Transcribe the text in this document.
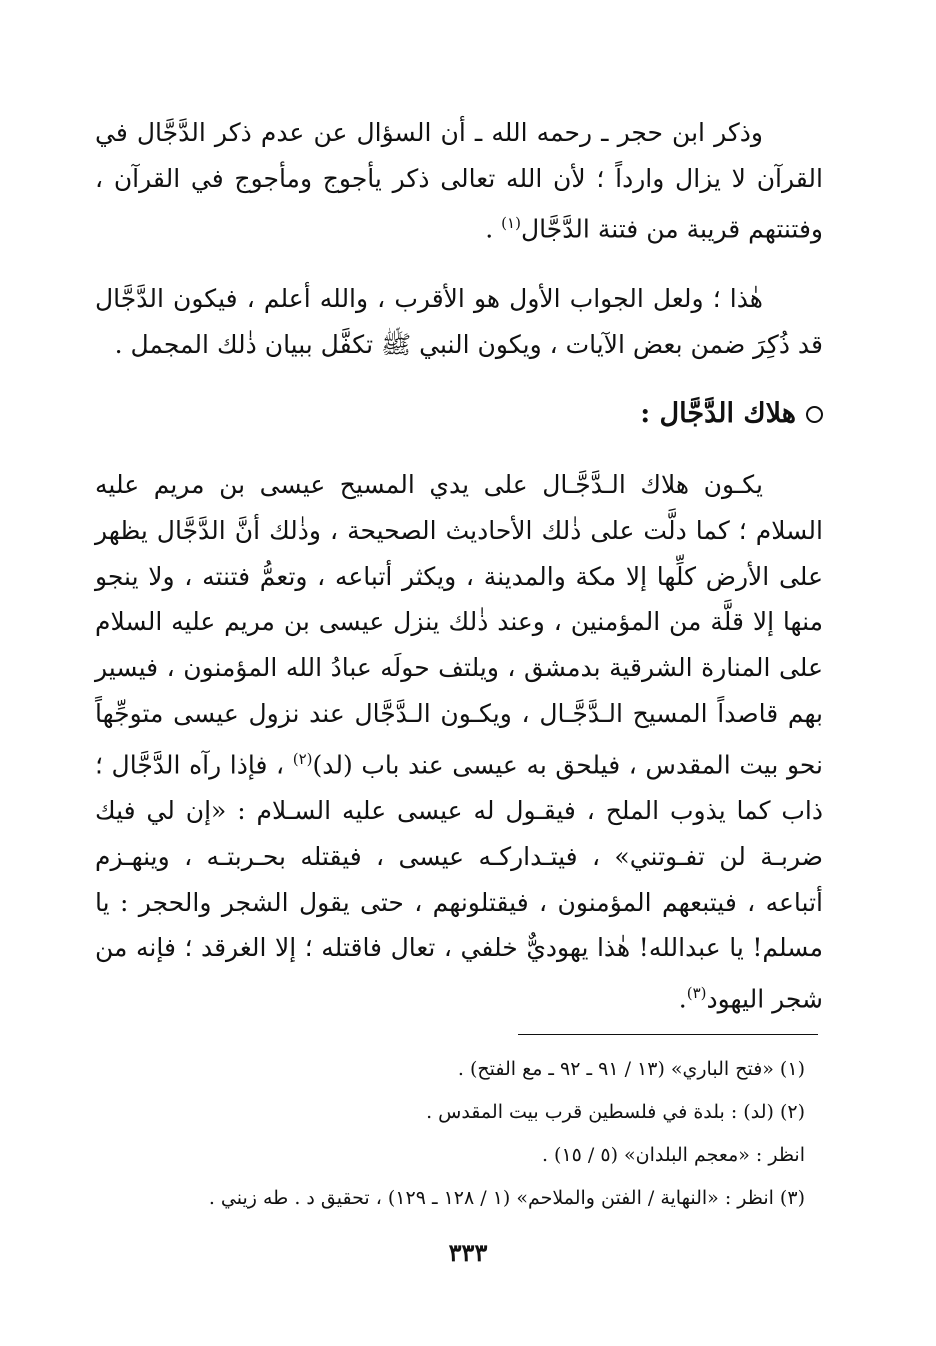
وذكر ابن حجر ـ رحمه الله ـ أن السؤال عن عدم ذكر الدَّجَّال في القرآن لا يزال وارداً ؛ لأن الله تعالى ذكر يأجوج ومأجوج في القرآن ، وفتنتهم قريبة من فتنة الدَّجَّال$^{(١)}$ .
هٰذا ؛ ولعل الجواب الأول هو الأقرب ، والله أعلم ، فيكون الدَّجَّال قد ذُكِرَ ضمن بعض الآيات ، ويكون النبي ﷺ تكفَّل ببيان ذٰلك المجمل .
هلاك الدَّجَّال :
يكـون هلاك الـدَّجَّـال على يدي المسيح عيسى بن مريم عليه السلام ؛ كما دلَّت على ذٰلك الأحاديث الصحيحة ، وذٰلك أنَّ الدَّجَّال يظهر على الأرض كلِّها إلا مكة والمدينة ، ويكثر أتباعه ، وتعمُّ فتنته ، ولا ينجو منها إلا قلَّة من المؤمنين ، وعند ذٰلك ينزل عيسى بن مريم عليه السلام على المنارة الشرقية بدمشق ، ويلتف حولَه عبادُ الله المؤمنون ، فيسير بهم قاصداً المسيح الـدَّجَّـال ، ويكـون الـدَّجَّال عند نزول عيسى متوجِّهاً نحو بيت المقدس ، فيلحق به عيسى عند باب (لد)$^{(٢)}$ ، فإذا رآه الدَّجَّال ؛ ذاب كما يذوب الملح ، فيقـول له عيسى عليه السـلام : «إن لي فيك ضربـة لن تفـوتني» ، فيتـداركـه عيسى ، فيقتله بحـربتـه ، وينهـزم أتباعه ، فيتبعهم المؤمنون ، فيقتلونهم ، حتى يقول الشجر والحجر : يا مسلم! يا عبدالله! هٰذا يهوديٌّ خلفي ، تعال فاقتله ؛ إلا الغرقد ؛ فإنه من شجر اليهود$^{(٣)}$.
(١) «فتح الباري» (١٣ / ٩١ ـ ٩٢ ـ مع الفتح) .
(٢) (لد) : بلدة في فلسطين قرب بيت المقدس .
انظر : «معجم البلدان» (٥ / ١٥) .
(٣) انظر : «النهاية / الفتن والملاحم» (١ / ١٢٨ ـ ١٢٩) ، تحقيق د . طه زيني .
٣٣٣
